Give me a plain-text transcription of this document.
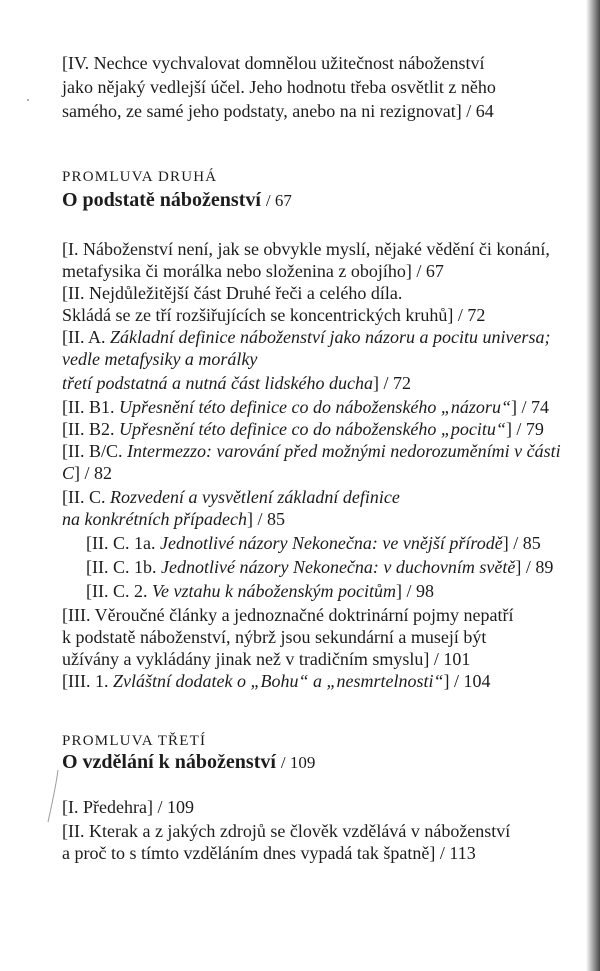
[IV. Nechce vychvalovat domnělou užitečnost náboženství
jako nějaký vedlejší účel. Jeho hodnotu třeba osvětlit z něho
samého, ze samé jeho podstaty, anebo na ni rezignovat] / 64
PROMLUVA DRUHÁ
O podstatě náboženství / 67
[I. Náboženství není, jak se obvykle myslí, nějaké vědění či konání,
metafysika či morálka nebo složenina z obojího] / 67
[II. Nejdůležitější část Druhé řeči a celého díla.
Skládá se ze tří rozšiřujících se koncentrických kruhů] / 72
[II. A. Základní definice náboženství jako názoru a pocitu universa;
vedle metafysiky a morálky
třetí podstatná a nutná část lidského ducha] / 72
[II. B1. Upřesnění této definice co do náboženského „názoru“] / 74
[II. B2. Upřesnění této definice co do náboženského „pocitu“] / 79
[II. B/C. Intermezzo: varování před možnými nedorozuměními v části
C] / 82
[II. C. Rozvedení a vysvětlení základní definice
na konkrétních případech] / 85
[II. C. 1a. Jednotlivé názory Nekonečna: ve vnější přírodě] / 85
[II. C. 1b. Jednotlivé názory Nekonečna: v duchovním světě] / 89
[II. C. 2. Ve vztahu k náboženským pocitům] / 98
[III. Věroučné články a jednoznačné doktrinární pojmy nepatří
k podstatě náboženství, nýbrž jsou sekundární a musejí být
užívány a vykládány jinak než v tradičním smyslu] / 101
[III. 1. Zvláštní dodatek o „Bohu“ a „nesmrtelnosti“] / 104
PROMLUVA TŘETÍ
O vzdělání k náboženství / 109
[I. Předehra] / 109
[II. Kterak a z jakých zdrojů se člověk vzdělává v náboženství
a proč to s tímto vzděláním dnes vypadá tak špatně] / 113
